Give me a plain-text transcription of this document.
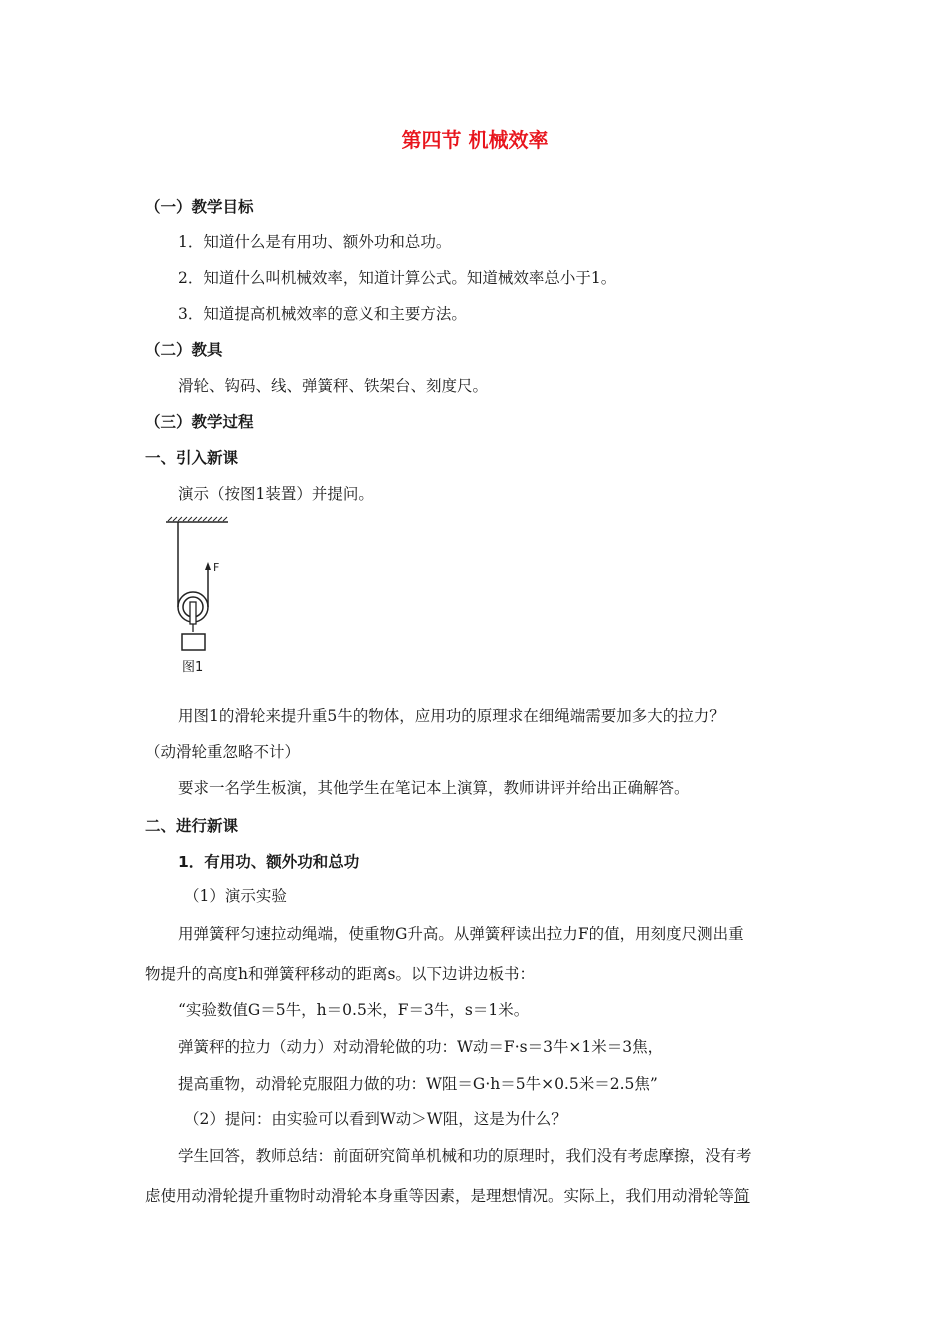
第四节 机械效率
（一）教学目标
1．知道什么是有用功、额外功和总功。
2．知道什么叫机械效率，知道计算公式。知道械效率总小于1。
3．知道提高机械效率的意义和主要方法。
（二）教具
滑轮、钩码、线、弹簧秤、铁架台、刻度尺。
（三）教学过程
一、引入新课
演示（按图1装置）并提问。
F
图1
用图1的滑轮来提升重5牛的物体，应用功的原理求在细绳端需要加多大的拉力？
（动滑轮重忽略不计）
要求一名学生板演，其他学生在笔记本上演算，教师讲评并给出正确解答。
二、进行新课
1．有用功、额外功和总功
（1）演示实验
用弹簧秤匀速拉动绳端，使重物G升高。从弹簧秤读出拉力F的值，用刻度尺测出重
物提升的高度h和弹簧秤移动的距离s。以下边讲边板书：
“实验数值G＝5牛，h＝0.5米，F＝3牛，s＝1米。
弹簧秤的拉力（动力）对动滑轮做的功：W动＝F·s＝3牛×1米＝3焦，
提高重物，动滑轮克服阻力做的功：W阻＝G·h＝5牛×0.5米＝2.5焦”
（2）提问：由实验可以看到W动＞W阻，这是为什么？
学生回答，教师总结：前面研究简单机械和功的原理时，我们没有考虑摩擦，没有考
虑使用动滑轮提升重物时动滑轮本身重等因素，是理想情况。实际上，我们用动滑轮等简
